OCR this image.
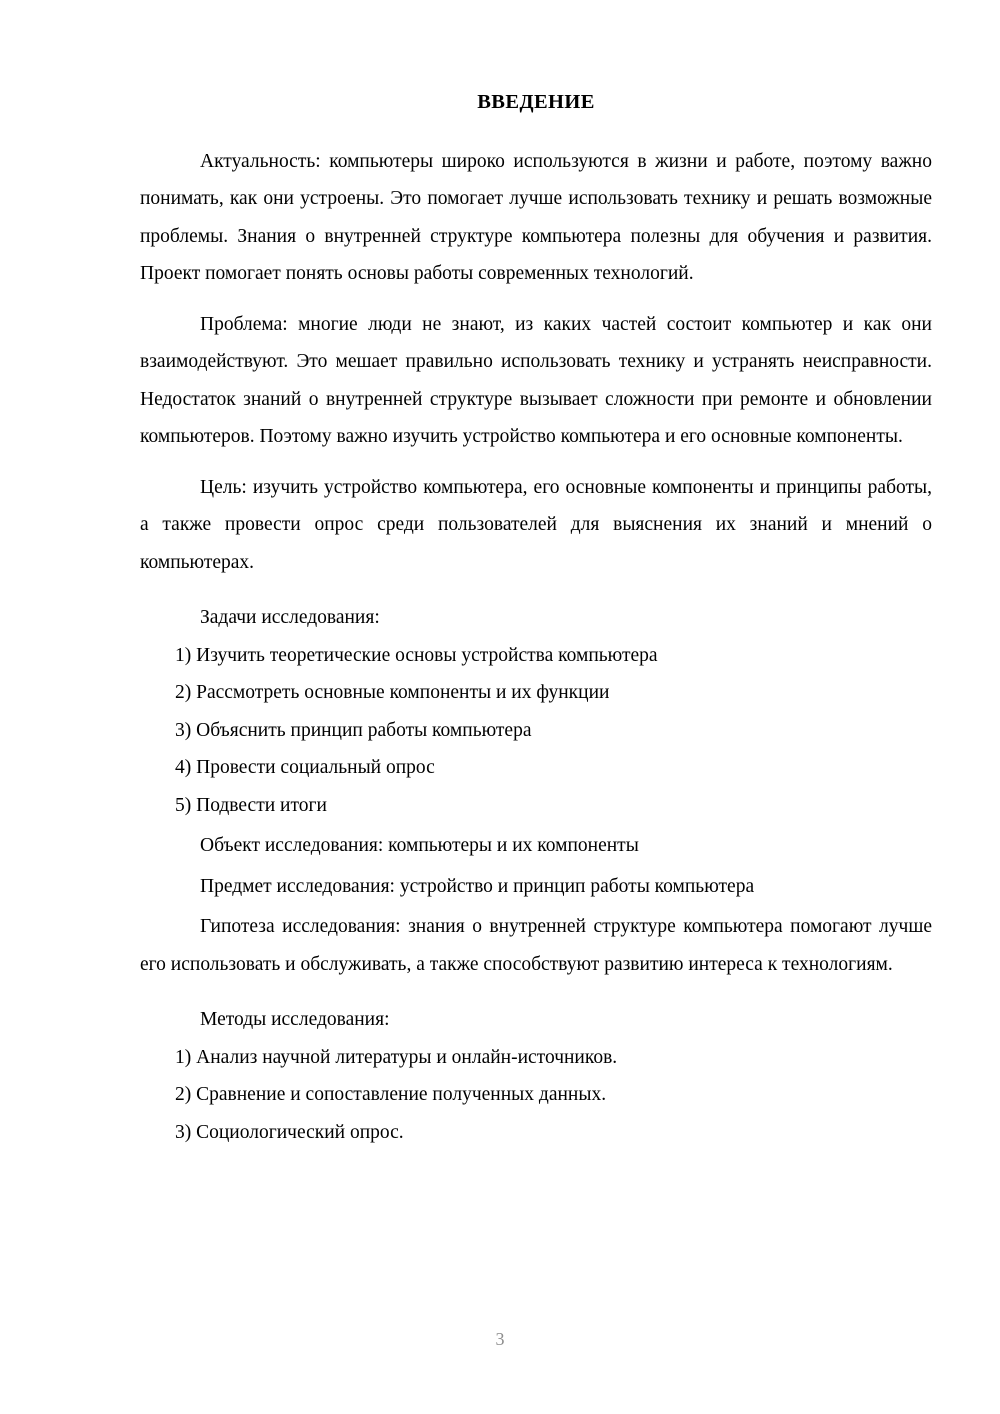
ВВЕДЕНИЕ

Актуальность: компьютеры широко используются в жизни и работе, поэтому важно понимать, как они устроены. Это помогает лучше использовать технику и решать возможные проблемы. Знания о внутренней структуре компьютера полезны для обучения и развития. Проект помогает понять основы работы современных технологий.

Проблема: многие люди не знают, из каких частей состоит компьютер и как они взаимодействуют. Это мешает правильно использовать технику и устранять неисправности. Недостаток знаний о внутренней структуре вызывает сложности при ремонте и обновлении компьютеров. Поэтому важно изучить устройство компьютера и его основные компоненты.

Цель: изучить устройство компьютера, его основные компоненты и принципы работы, а также провести опрос среди пользователей для выяснения их знаний и мнений о компьютерах.

Задачи исследования:

1) Изучить теоретические основы устройства компьютера
2) Рассмотреть основные компоненты и их функции
3) Объяснить принцип работы компьютера
4) Провести социальный опрос
5) Подвести итоги

Объект исследования: компьютеры и их компоненты

Предмет исследования: устройство и принцип работы компьютера

Гипотеза исследования: знания о внутренней структуре компьютера помогают лучше его использовать и обслуживать, а также способствуют развитию интереса к технологиям.

Методы исследования:

1) Анализ научной литературы и онлайн-источников.
2) Сравнение и сопоставление полученных данных.
3) Социологический опрос.
3
